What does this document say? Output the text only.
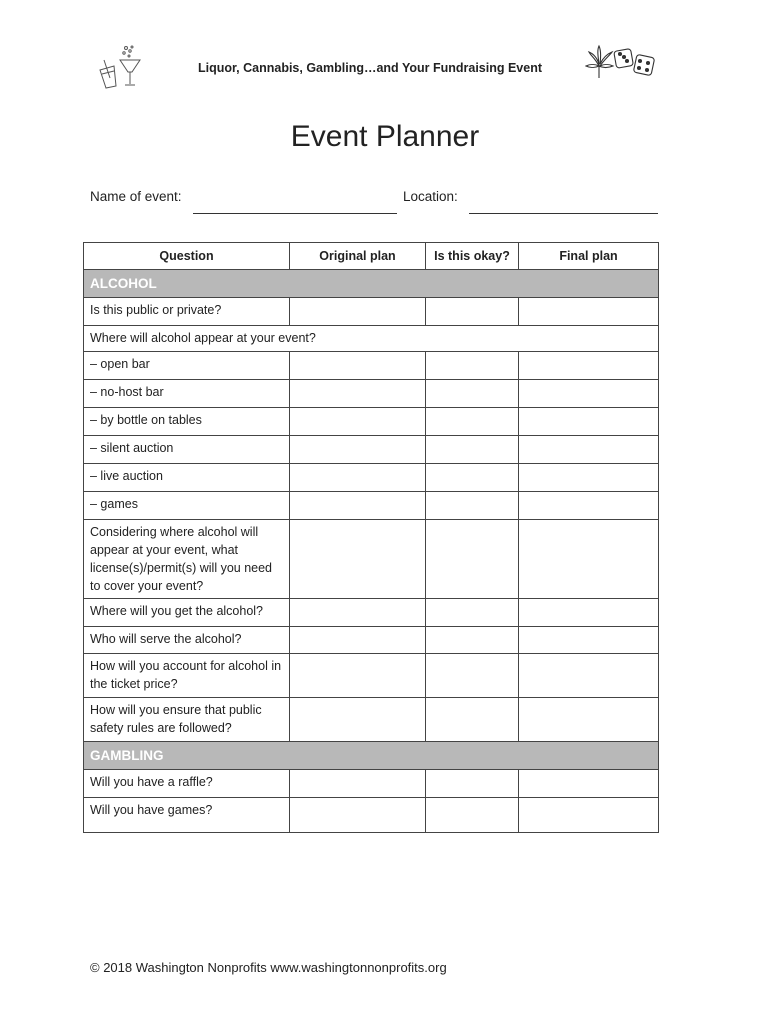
Liquor, Cannabis, Gambling…and Your Fundraising Event
Event Planner
Name of event:	Location:
Question	Original plan	Is this okay?	Final plan
ALCOHOL			
Is this public or private?			
Where will alcohol appear at your event?			
– open bar			
– no-host bar			
– by bottle on tables			
– silent auction			
– live auction			
– games			
Considering where alcohol will appear at your event, what license(s)/permit(s) will you need to cover your event?			
Where will you get the alcohol?			
Who will serve the alcohol?			
How will you account for alcohol in the ticket price?			
How will you ensure that public safety rules are followed?			
GAMBLING			
Will you have a raffle?			
Will you have games?			
© 2018 Washington Nonprofits www.washingtonnonprofits.org
